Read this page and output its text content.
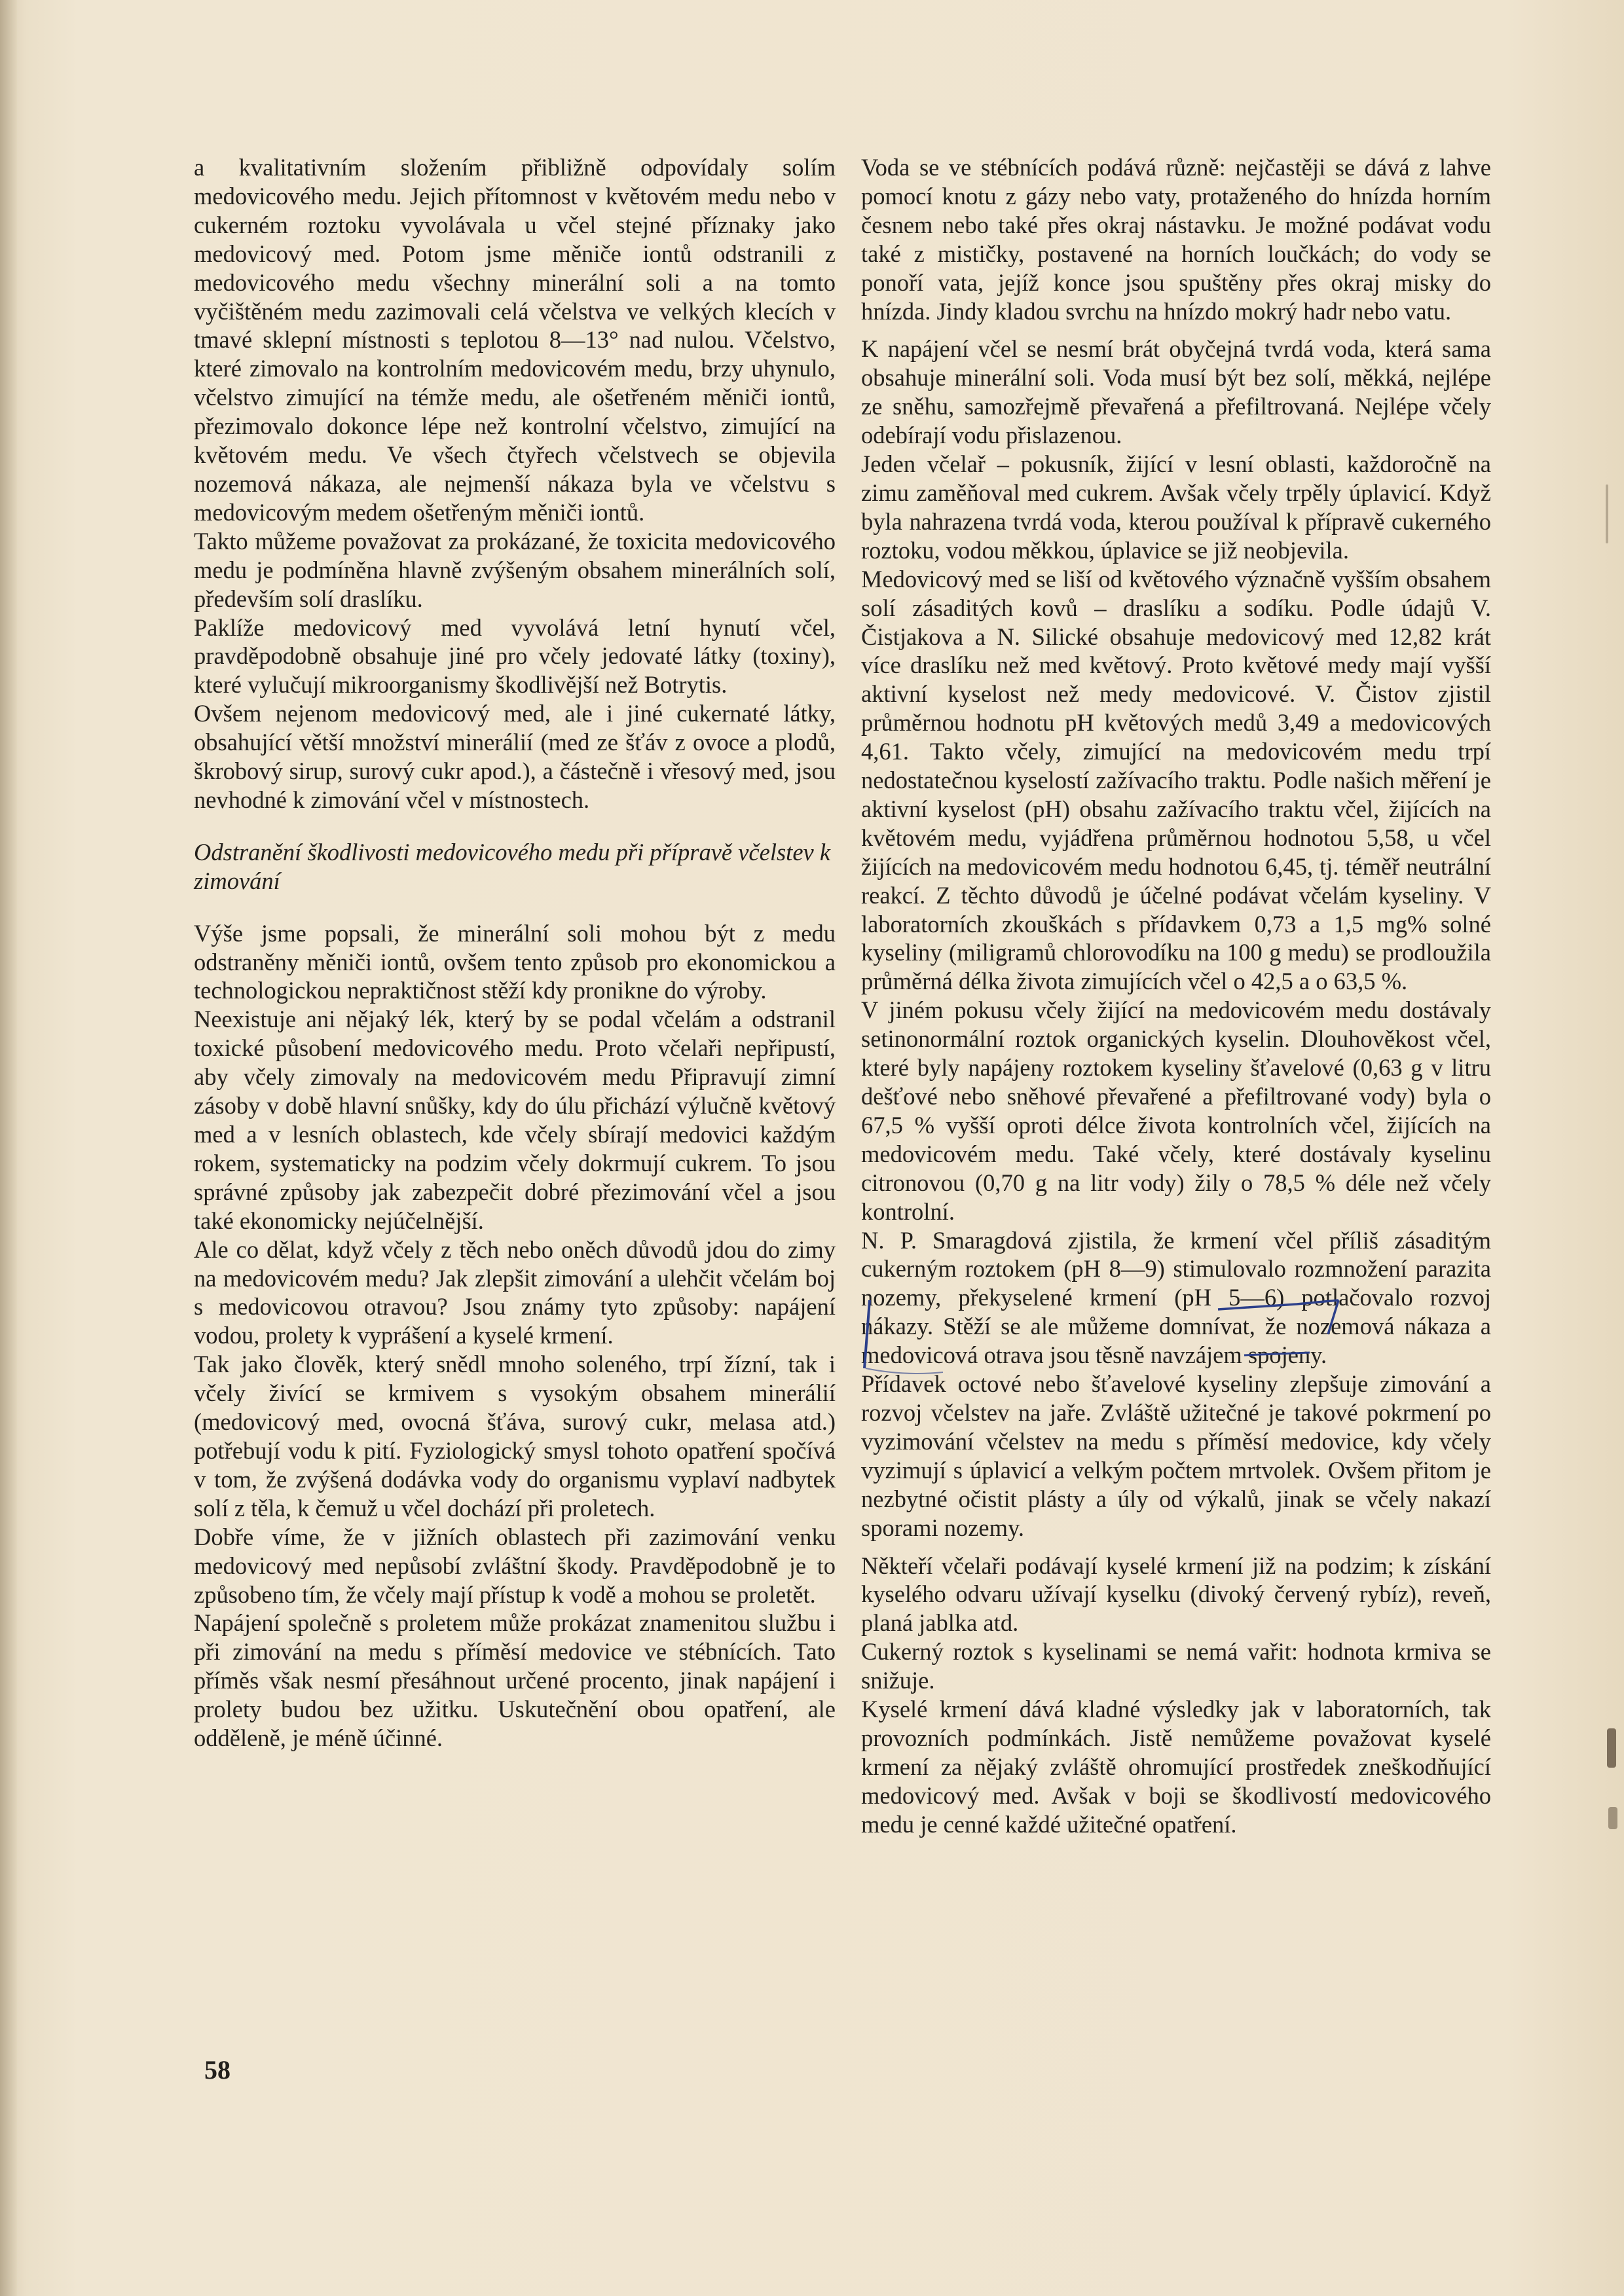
a kvalitativním složením přibližně odpovídaly solím medovicového medu. Jejich přítomnost v květovém medu nebo v cukerném roztoku vyvolávala u včel stejné příznaky jako medovicový med. Potom jsme měniče iontů odstranili z medovicového medu všechny minerální soli a na tomto vyčištěném medu zazimovali celá včelstva ve velkých klecích v tmavé sklepní místnosti s teplotou 8—13° nad nulou. Včelstvo, které zimovalo na kontrolním medovicovém medu, brzy uhynulo, včelstvo zimující na témže medu, ale ošetřeném měniči iontů, přezimovalo dokonce lépe než kontrolní včelstvo, zimující na květovém medu. Ve všech čtyřech včelstvech se objevila nozemová nákaza, ale nejmenší nákaza byla ve včelstvu s medovicovým medem ošetřeným měniči iontů.

Takto můžeme považovat za prokázané, že toxicita medovicového medu je podmíněna hlavně zvýšeným obsahem minerálních solí, především solí draslíku.

Paklíže medovicový med vyvolává letní hynutí včel, pravděpodobně obsahuje jiné pro včely jedovaté látky (toxiny), které vylučují mikroorganismy škodlivější než Botrytis.

Ovšem nejenom medovicový med, ale i jiné cukernaté látky, obsahující větší množství minerálií (med ze šťáv z ovoce a plodů, škrobový sirup, surový cukr apod.), a částečně i vřesový med, jsou nevhodné k zimování včel v místnostech.

Odstranění škodlivosti medovicového medu při přípravě včelstev k zimování

Výše jsme popsali, že minerální soli mohou být z medu odstraněny měniči iontů, ovšem tento způsob pro ekonomickou a technologickou nepraktičnost stěží kdy pronikne do výroby.

Neexistuje ani nějaký lék, který by se podal včelám a odstranil toxické působení medovicového medu. Proto včelaři nepřipustí, aby včely zimovaly na medovicovém medu Připravují zimní zásoby v době hlavní snůšky, kdy do úlu přichází výlučně květový med a v lesních oblastech, kde včely sbírají medovici každým rokem, systematicky na podzim včely dokrmují cukrem. To jsou správné způsoby jak zabezpečit dobré přezimování včel a jsou také ekonomicky nejúčelnější.

Ale co dělat, když včely z těch nebo oněch důvodů jdou do zimy na medovicovém medu? Jak zlepšit zimování a ulehčit včelám boj s medovicovou otravou? Jsou známy tyto způsoby: napájení vodou, prolety k vyprášení a kyselé krmení.

Tak jako člověk, který snědl mnoho soleného, trpí žízní, tak i včely živící se krmivem s vysokým obsahem minerálií (medovicový med, ovocná šťáva, surový cukr, melasa atd.) potřebují vodu k pití. Fyziologický smysl tohoto opatření spočívá v tom, že zvýšená dodávka vody do organismu vyplaví nadbytek solí z těla, k čemuž u včel dochází při proletech.

Dobře víme, že v jižních oblastech při zazimování venku medovicový med nepůsobí zvláštní škody. Pravděpodobně je to způsobeno tím, že včely mají přístup k vodě a mohou se proletět.

Napájení společně s proletem může prokázat znamenitou službu i při zimování na medu s příměsí medovice ve stébnících. Tato příměs však nesmí přesáhnout určené procento, jinak napájení i prolety budou bez užitku. Uskutečnění obou opatření, ale odděleně, je méně účinné.

Voda se ve stébnících podává různě: nejčastěji se dává z lahve pomocí knotu z gázy nebo vaty, protaženého do hnízda horním česnem nebo také přes okraj nástavku. Je možné podávat vodu také z mističky, postavené na horních loučkách; do vody se ponoří vata, jejíž konce jsou spuštěny přes okraj misky do hnízda. Jindy kladou svrchu na hnízdo mokrý hadr nebo vatu.

K napájení včel se nesmí brát obyčejná tvrdá voda, která sama obsahuje minerální soli. Voda musí být bez solí, měkká, nejlépe ze sněhu, samozřejmě převařená a přefiltrovaná. Nejlépe včely odebírají vodu přislazenou.

Jeden včelař – pokusník, žijící v lesní oblasti, každoročně na zimu zaměňoval med cukrem. Avšak včely trpěly úplavicí. Když byla nahrazena tvrdá voda, kterou používal k přípravě cukerného roztoku, vodou měkkou, úplavice se již neobjevila.

Medovicový med se liší od květového význačně vyšším obsahem solí zásaditých kovů – draslíku a sodíku. Podle údajů V. Čistjakova a N. Silické obsahuje medovicový med 12,82 krát více draslíku než med květový. Proto květové medy mají vyšší aktivní kyselost než medy medovicové. V. Čistov zjistil průměrnou hodnotu pH květových medů 3,49 a medovicových 4,61. Takto včely, zimující na medovicovém medu trpí nedostatečnou kyselostí zažívacího traktu. Podle našich měření je aktivní kyselost (pH) obsahu zažívacího traktu včel, žijících na květovém medu, vyjádřena průměrnou hodnotou 5,58, u včel žijících na medovicovém medu hodnotou 6,45, tj. téměř neutrální reakcí. Z těchto důvodů je účelné podávat včelám kyseliny. V laboratorních zkouškách s přídavkem 0,73 a 1,5 mg% solné kyseliny (miligramů chlorovodíku na 100 g medu) se prodloužila průměrná délka života zimujících včel o 42,5 a o 63,5 %.

V jiném pokusu včely žijící na medovicovém medu dostávaly setinonormální roztok organických kyselin. Dlouhověkost včel, které byly napájeny roztokem kyseliny šťavelové (0,63 g v litru dešťové nebo sněhové převařené a přefiltrované vody) byla o 67,5 % vyšší oproti délce života kontrolních včel, žijících na medovicovém medu. Také včely, které dostávaly kyselinu citronovou (0,70 g na litr vody) žily o 78,5 % déle než včely kontrolní.

N. P. Smaragdová zjistila, že krmení včel příliš zásaditým cukerným roztokem (pH 8—9) stimulovalo rozmnožení parazita nozemy, překyselené krmení (pH 5—6) potlačovalo rozvoj nákazy. Stěží se ale můžeme domnívat, že nozemová nákaza a medovicová otrava jsou těsně navzájem spojeny.

Přídavek octové nebo šťavelové kyseliny zlepšuje zimování a rozvoj včelstev na jaře. Zvláště užitečné je takové pokrmení po vyzimování včelstev na medu s příměsí medovice, kdy včely vyzimují s úplavicí a velkým počtem mrtvolek. Ovšem přitom je nezbytné očistit plásty a úly od výkalů, jinak se včely nakazí sporami nozemy.

Někteří včelaři podávají kyselé krmení již na podzim; k získání kyselého odvaru užívají kyselku (divoký červený rybíz), reveň, planá jablka atd.

Cukerný roztok s kyselinami se nemá vařit: hodnota krmiva se snižuje.

Kyselé krmení dává kladné výsledky jak v laboratorních, tak provozních podmínkách. Jistě nemůžeme považovat kyselé krmení za nějaký zvláště ohromující prostředek zneškodňující medovicový med. Avšak v boji se škodlivostí medovicového medu je cenné každé užitečné opatření.

58
